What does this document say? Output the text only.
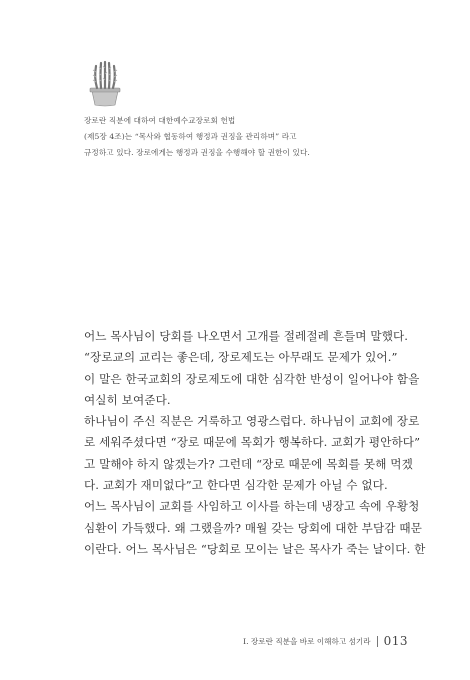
장로란 직분에 대하여 대한예수교장로회 헌법
(제5장 4조)는 “목사와 협동하여 행정과 권징을 관리하며” 라고
규정하고 있다. 장로에게는 행정과 권징을 수행해야 할 권한이 있다.
어느 목사님이 당회를 나오면서 고개를 절레절레 흔들며 말했다.
“장로교의 교리는 좋은데, 장로제도는 아무래도 문제가 있어.”
이 말은 한국교회의 장로제도에 대한 심각한 반성이 일어나야 함을
여실히 보여준다.
하나님이 주신 직분은 거룩하고 영광스럽다. 하나님이 교회에 장로
로 세워주셨다면 “장로 때문에 목회가 행복하다. 교회가 평안하다”
고 말해야 하지 않겠는가? 그런데 “장로 때문에 목회를 못해 먹겠
다. 교회가 재미없다”고 한다면 심각한 문제가 아닐 수 없다.
어느 목사님이 교회를 사임하고 이사를 하는데 냉장고 속에 우황청
심환이 가득했다. 왜 그랬을까? 매월 갖는 당회에 대한 부담감 때문
이란다. 어느 목사님은 “당회로 모이는 날은 목사가 죽는 날이다. 한
I. 장로란 직분을 바로 이해하고 섬기라 013
